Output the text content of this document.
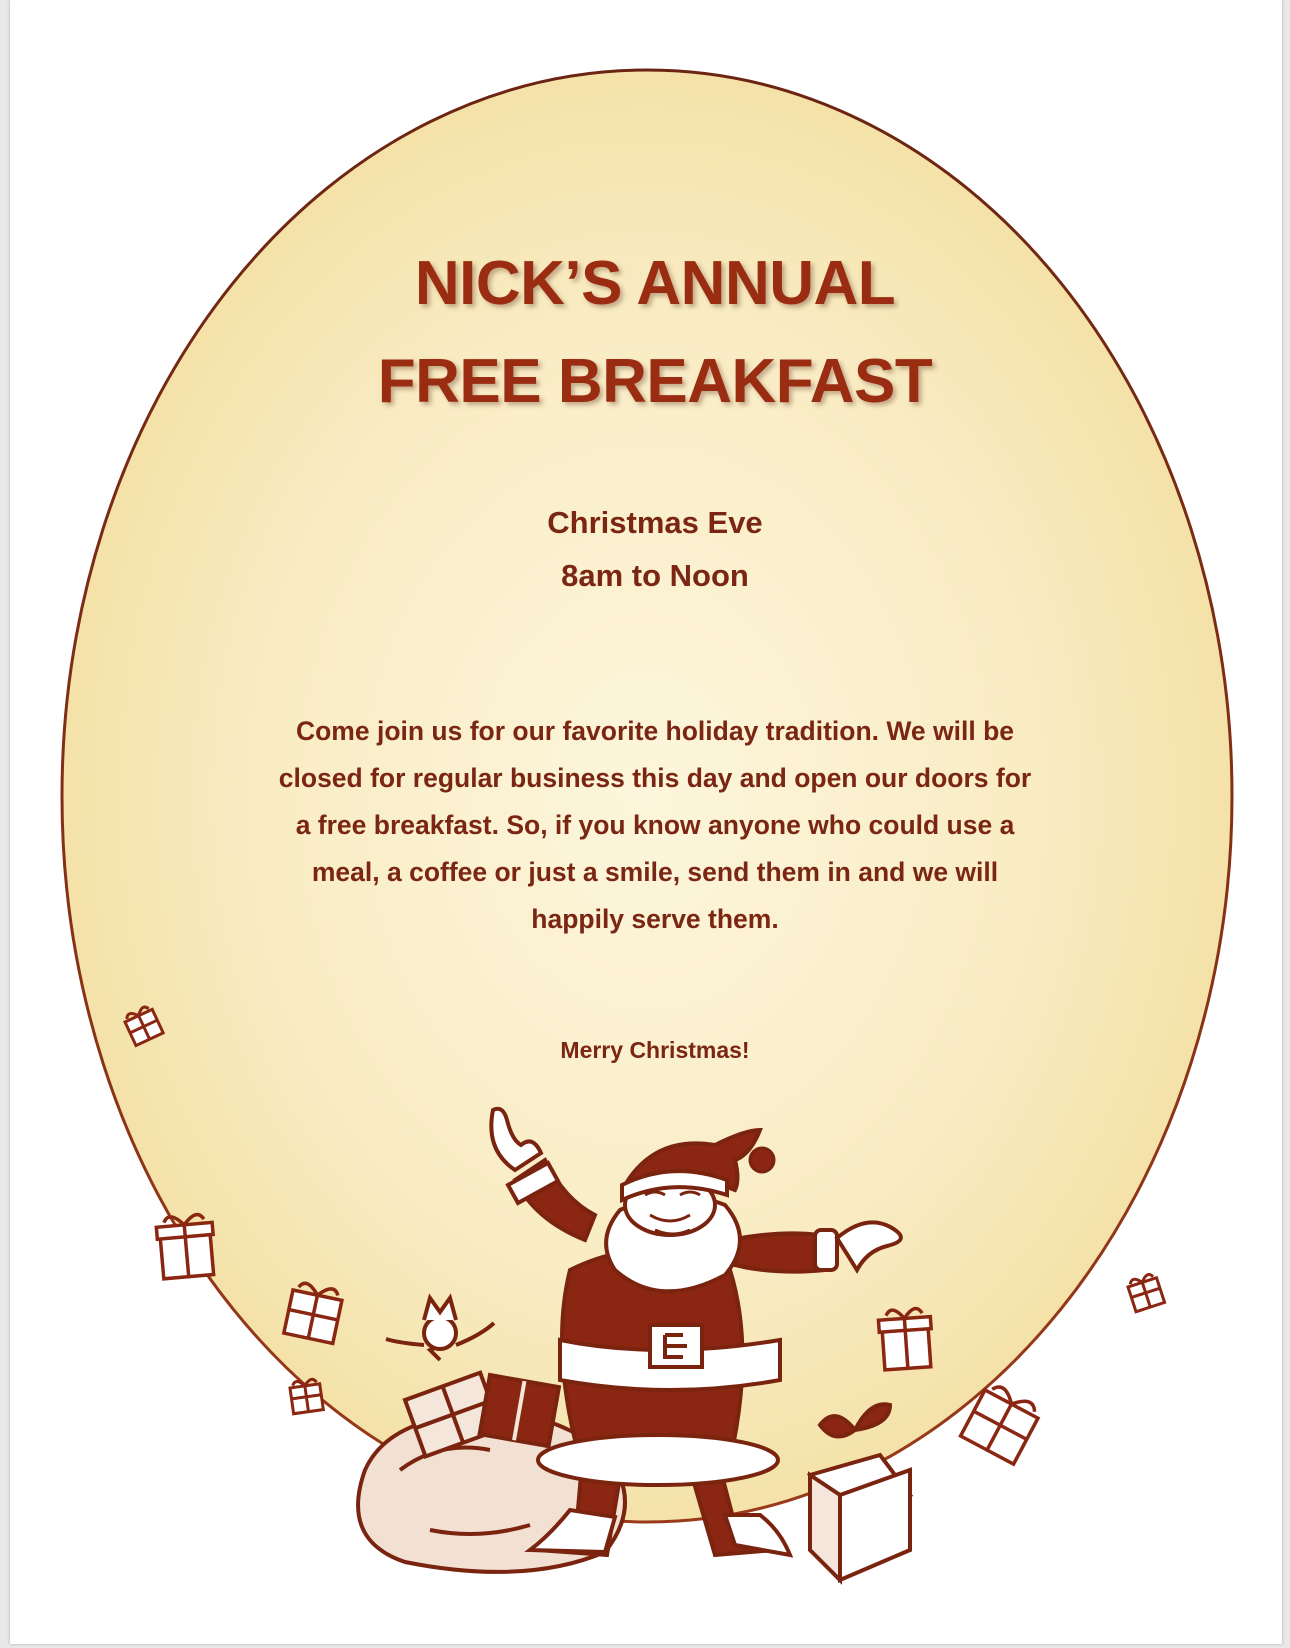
NICK’S ANNUAL
FREE BREAKFAST
Christmas Eve
8am to Noon

Come join us for our favorite holiday tradition. We will be closed for regular business this day and open our doors for a free breakfast. So, if you know anyone who could use a meal, a coffee or just a smile, send them in and we will happily serve them.

Merry Christmas!
